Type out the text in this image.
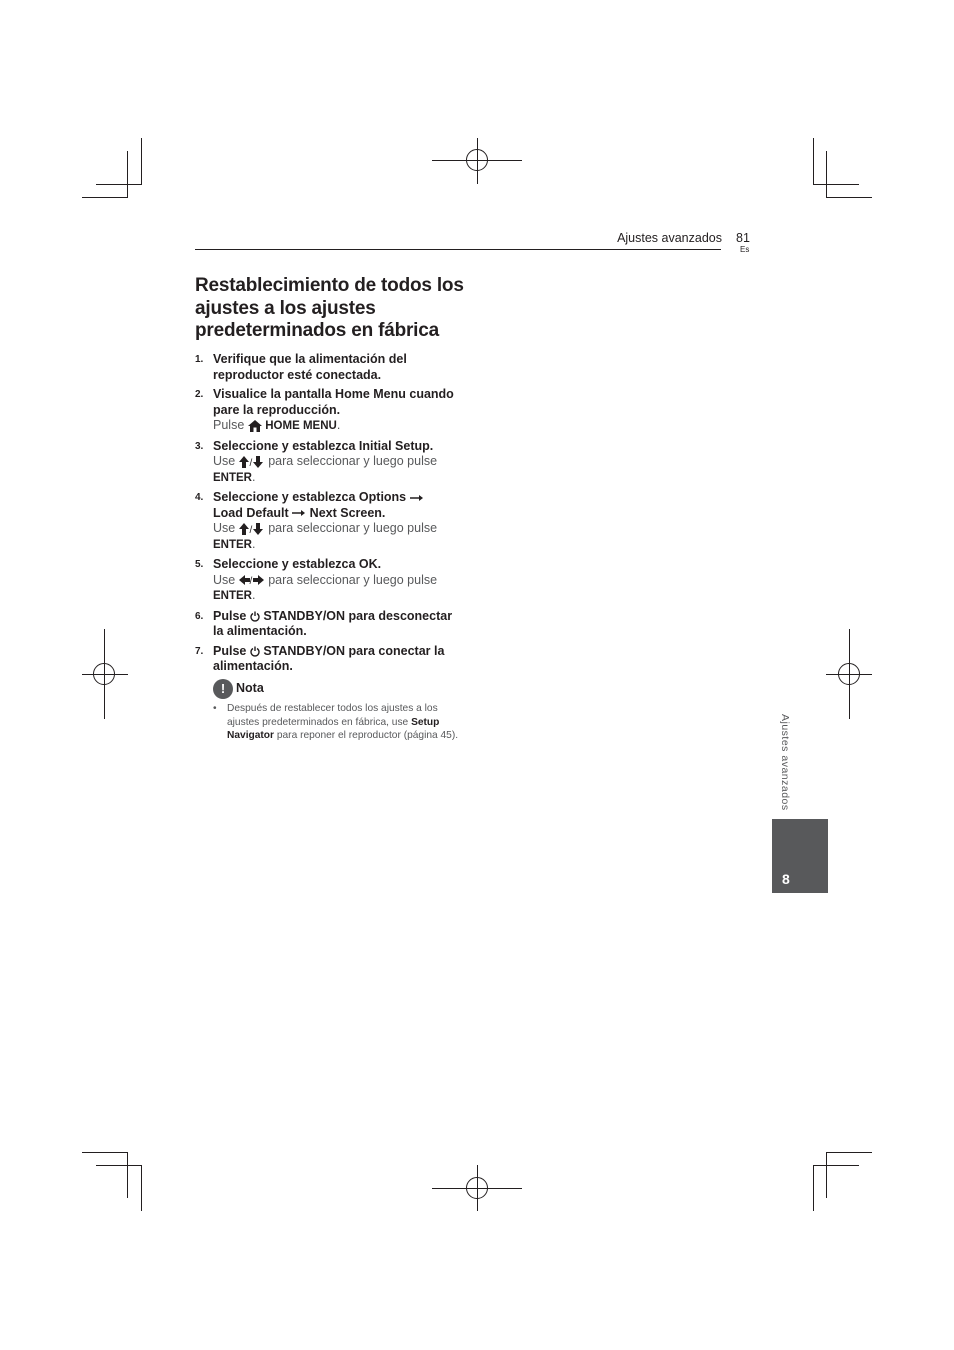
Ajustes avanzados 81
Es
Restablecimiento de todos los ajustes a los ajustes predeterminados en fábrica
1. Verifique que la alimentación del reproductor esté conectada.
2. Visualice la pantalla Home Menu cuando pare la reproducción.
Pulse HOME MENU.
3. Seleccione y establezca Initial Setup.
Use / para seleccionar y luego pulse
ENTER.
4. Seleccione y establezca Options
Load Default Next Screen.
Use / para seleccionar y luego pulse
ENTER.
5. Seleccione y establezca OK.
Use / para seleccionar y luego pulse
ENTER.
6. Pulse STANDBY/ON para desconectar la alimentación.
7. Pulse STANDBY/ON para conectar la alimentación.
! Nota
•	Después de restablecer todos los ajustes a los ajustes predeterminados en fábrica, use Setup Navigator para reponer el reproductor (página 45).	Ajustes avanzados
8
